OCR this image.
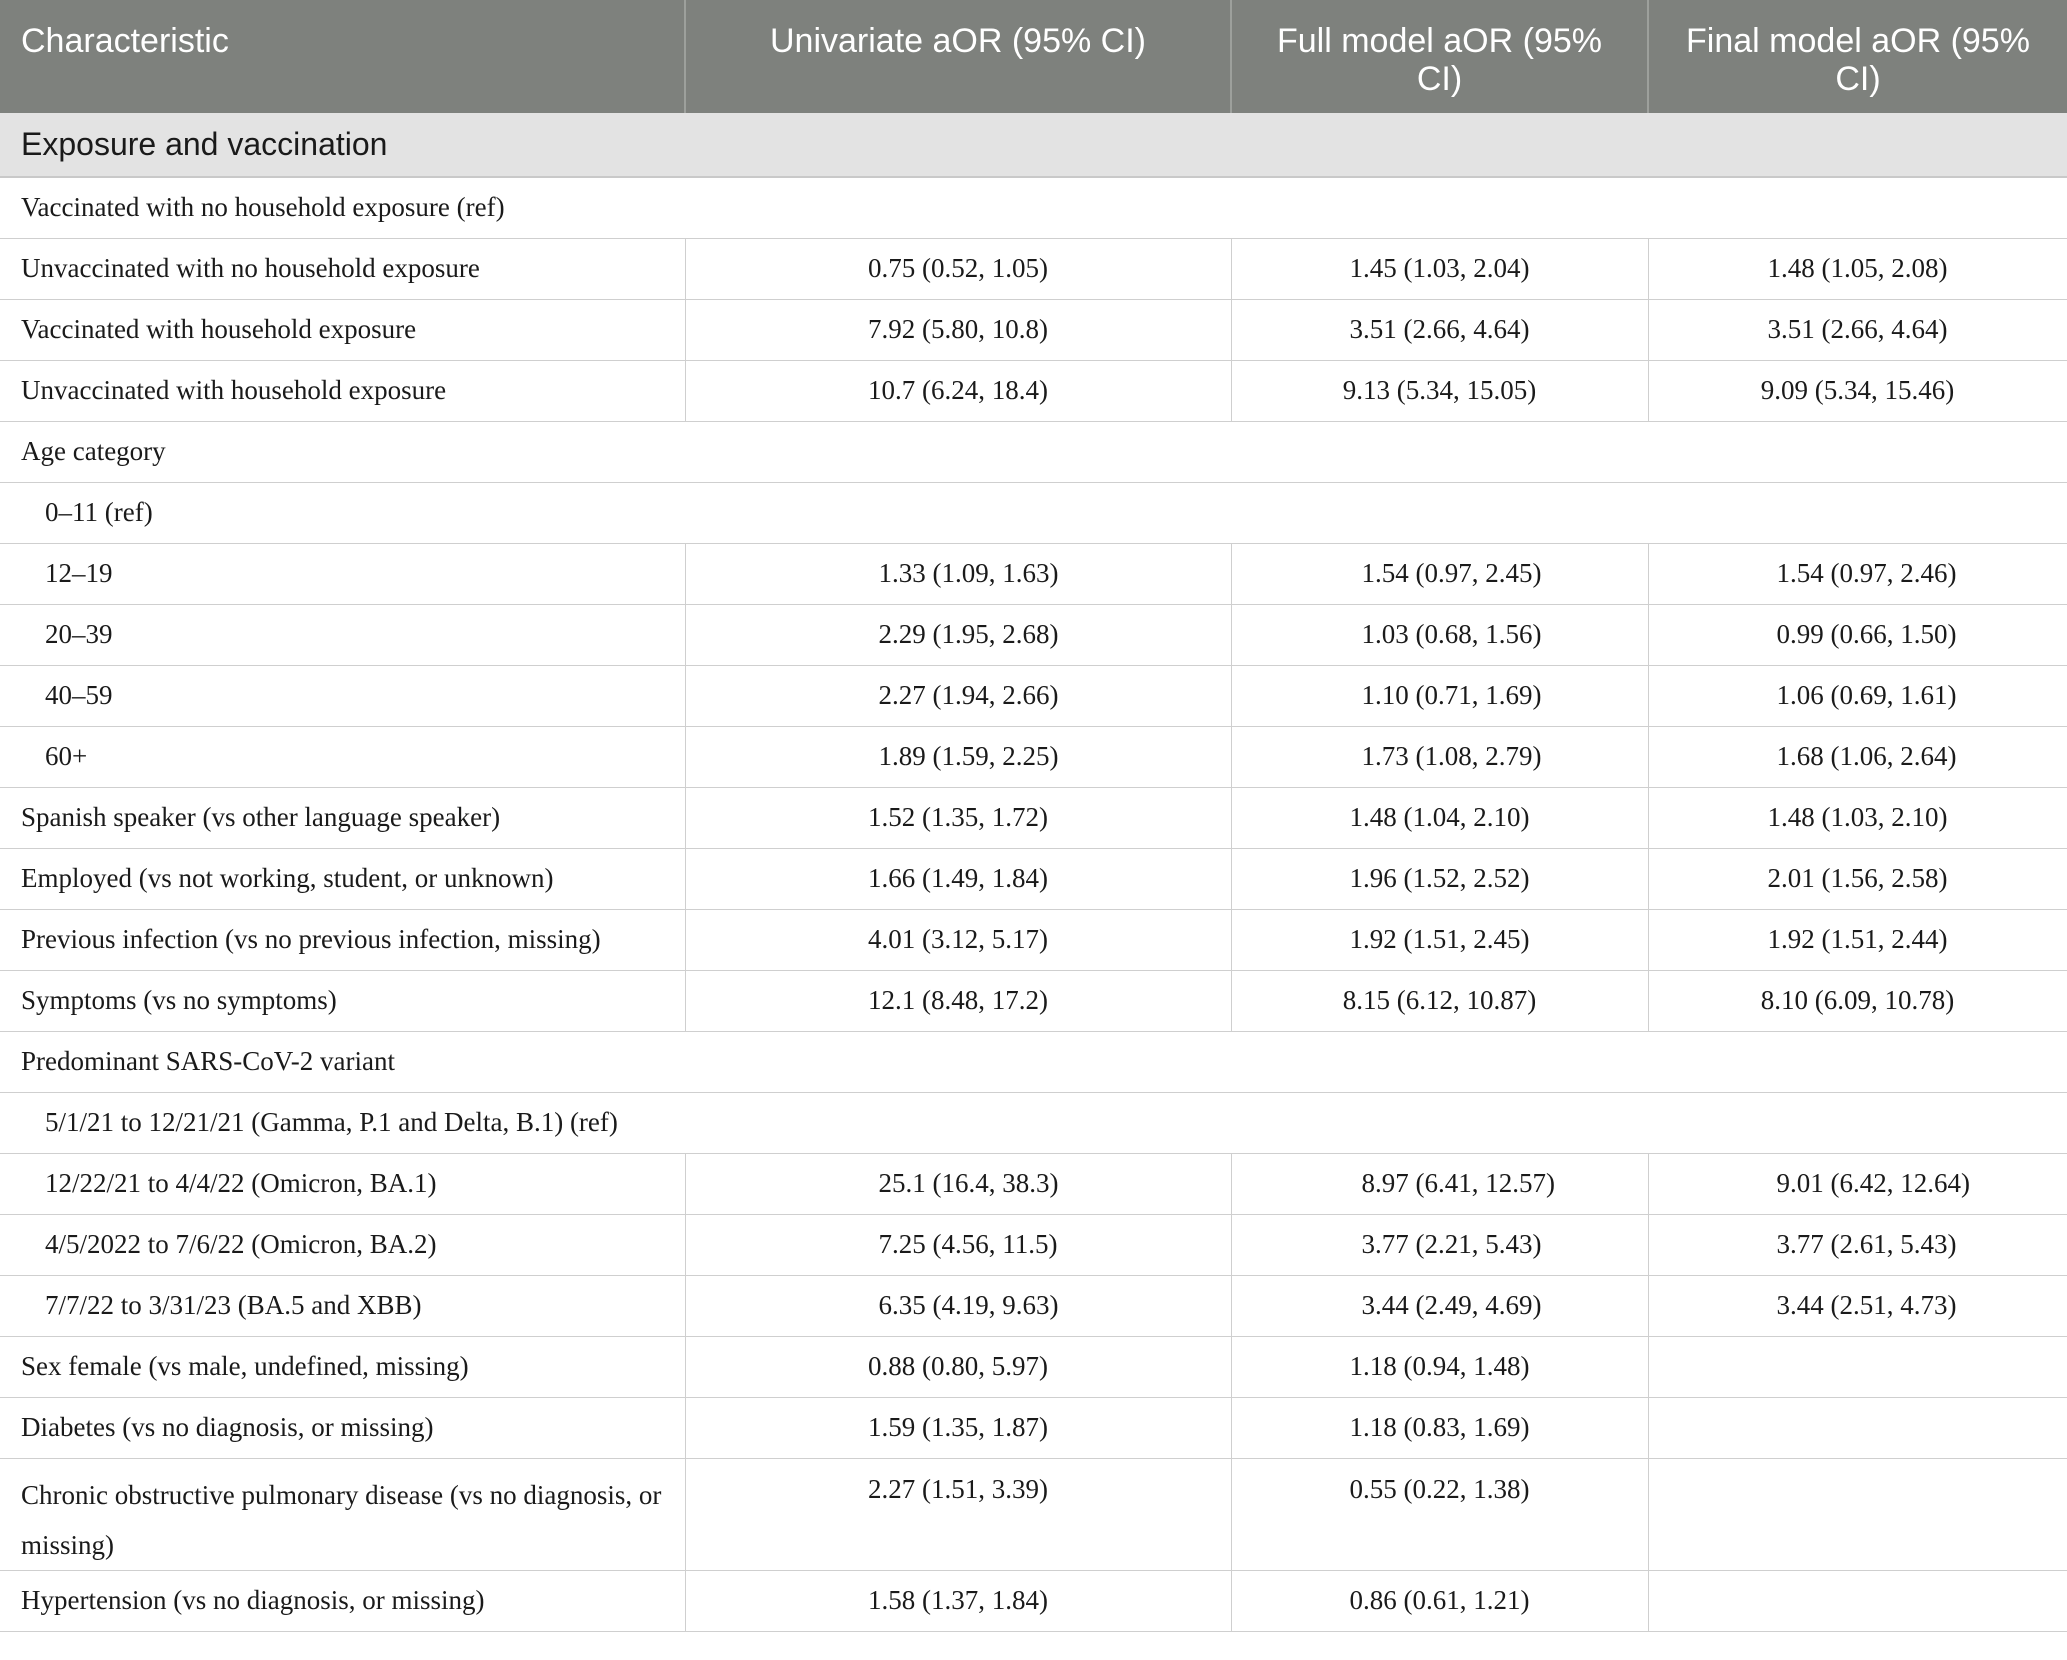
Characteristic	Univariate aOR (95% CI)	Full model aOR (95% CI)	Final model aOR (95% CI)
Exposure and vaccination			
Vaccinated with no household exposure (ref)			
Unvaccinated with no household exposure	0.75 (0.52, 1.05)	1.45 (1.03, 2.04)	1.48 (1.05, 2.08)
Vaccinated with household exposure	7.92 (5.80, 10.8)	3.51 (2.66, 4.64)	3.51 (2.66, 4.64)
Unvaccinated with household exposure	10.7 (6.24, 18.4)	9.13 (5.34, 15.05)	9.09 (5.34, 15.46)
Age category			
0–11 (ref)			
12–19	1.33 (1.09, 1.63)	1.54 (0.97, 2.45)	1.54 (0.97, 2.46)
20–39	2.29 (1.95, 2.68)	1.03 (0.68, 1.56)	0.99 (0.66, 1.50)
40–59	2.27 (1.94, 2.66)	1.10 (0.71, 1.69)	1.06 (0.69, 1.61)
60+	1.89 (1.59, 2.25)	1.73 (1.08, 2.79)	1.68 (1.06, 2.64)
Spanish speaker (vs other language speaker)	1.52 (1.35, 1.72)	1.48 (1.04, 2.10)	1.48 (1.03, 2.10)
Employed (vs not working, student, or unknown)	1.66 (1.49, 1.84)	1.96 (1.52, 2.52)	2.01 (1.56, 2.58)
Previous infection (vs no previous infection, missing)	4.01 (3.12, 5.17)	1.92 (1.51, 2.45)	1.92 (1.51, 2.44)
Symptoms (vs no symptoms)	12.1 (8.48, 17.2)	8.15 (6.12, 10.87)	8.10 (6.09, 10.78)
Predominant SARS-CoV-2 variant			
5/1/21 to 12/21/21 (Gamma, P.1 and Delta, B.1) (ref)			
12/22/21 to 4/4/22 (Omicron, BA.1)	25.1 (16.4, 38.3)	8.97 (6.41, 12.57)	9.01 (6.42, 12.64)
4/5/2022 to 7/6/22 (Omicron, BA.2)	7.25 (4.56, 11.5)	3.77 (2.21, 5.43)	3.77 (2.61, 5.43)
7/7/22 to 3/31/23 (BA.5 and XBB)	6.35 (4.19, 9.63)	3.44 (2.49, 4.69)	3.44 (2.51, 4.73)
Sex female (vs male, undefined, missing)	0.88 (0.80, 5.97)	1.18 (0.94, 1.48)	
Diabetes (vs no diagnosis, or missing)	1.59 (1.35, 1.87)	1.18 (0.83, 1.69)	
Chronic obstructive pulmonary disease (vs no diagnosis, or missing)	2.27 (1.51, 3.39)	0.55 (0.22, 1.38)	
Hypertension (vs no diagnosis, or missing)	1.58 (1.37, 1.84)	0.86 (0.61, 1.21)	
